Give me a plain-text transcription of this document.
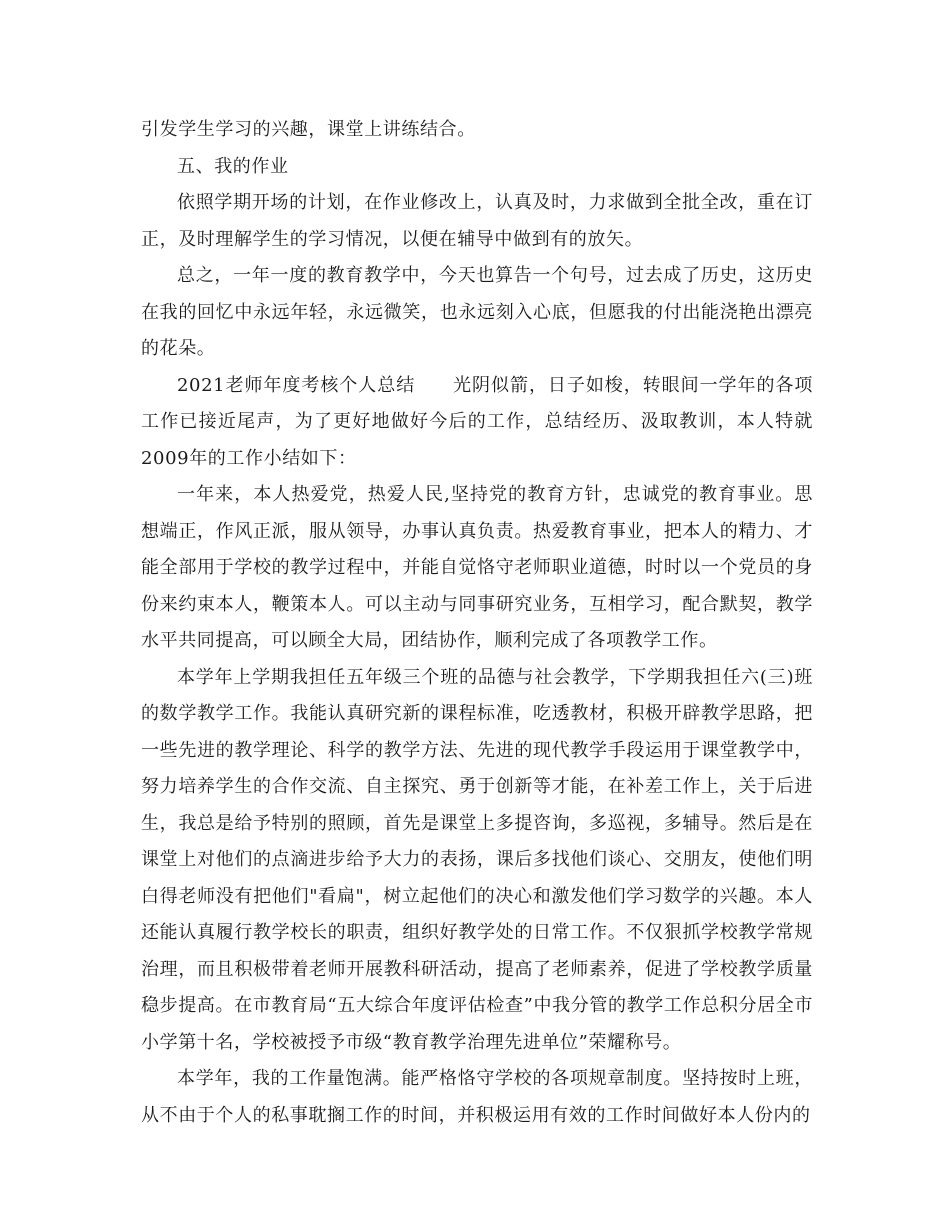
引发学生学习的兴趣，课堂上讲练结合。

五、我的作业

依照学期开场的计划，在作业修改上，认真及时，力求做到全批全改，重在订正，及时理解学生的学习情况，以便在辅导中做到有的放矢。

总之，一年一度的教育教学中，今天也算告一个句号，过去成了历史，这历史在我的回忆中永远年轻，永远微笑，也永远刻入心底，但愿我的付出能浇艳出漂亮的花朵。

2021老师年度考核个人总结　　光阴似箭，日子如梭，转眼间一学年的各项工作已接近尾声，为了更好地做好今后的工作，总结经历、汲取教训，本人特就2009年的工作小结如下：

一年来，本人热爱党，热爱人民,坚持党的教育方针，忠诚党的教育事业。思想端正，作风正派，服从领导，办事认真负责。热爱教育事业，把本人的精力、才能全部用于学校的教学过程中，并能自觉恪守老师职业道德，时时以一个党员的身份来约束本人，鞭策本人。可以主动与同事研究业务，互相学习，配合默契，教学水平共同提高，可以顾全大局，团结协作，顺利完成了各项教学工作。

本学年上学期我担任五年级三个班的品德与社会教学，下学期我担任六(三)班的数学教学工作。我能认真研究新的课程标准，吃透教材，积极开辟教学思路，把一些先进的教学理论、科学的教学方法、先进的现代教学手段运用于课堂教学中，努力培养学生的合作交流、自主探究、勇于创新等才能，在补差工作上，关于后进生，我总是给予特别的照顾，首先是课堂上多提咨询，多巡视，多辅导。然后是在课堂上对他们的点滴进步给予大力的表扬，课后多找他们谈心、交朋友，使他们明白得老师没有把他们"看扁"，树立起他们的决心和激发他们学习数学的兴趣。本人还能认真履行教学校长的职责，组织好教学处的日常工作。不仅狠抓学校教学常规治理，而且积极带着老师开展教科研活动，提高了老师素养，促进了学校教学质量稳步提高。在市教育局“五大综合年度评估检查”中我分管的教学工作总积分居全市小学第十名，学校被授予市级“教育教学治理先进单位”荣耀称号。

本学年，我的工作量饱满。能严格恪守学校的各项规章制度。坚持按时上班，从不由于个人的私事耽搁工作的时间，并积极运用有效的工作时间做好本人份内的
